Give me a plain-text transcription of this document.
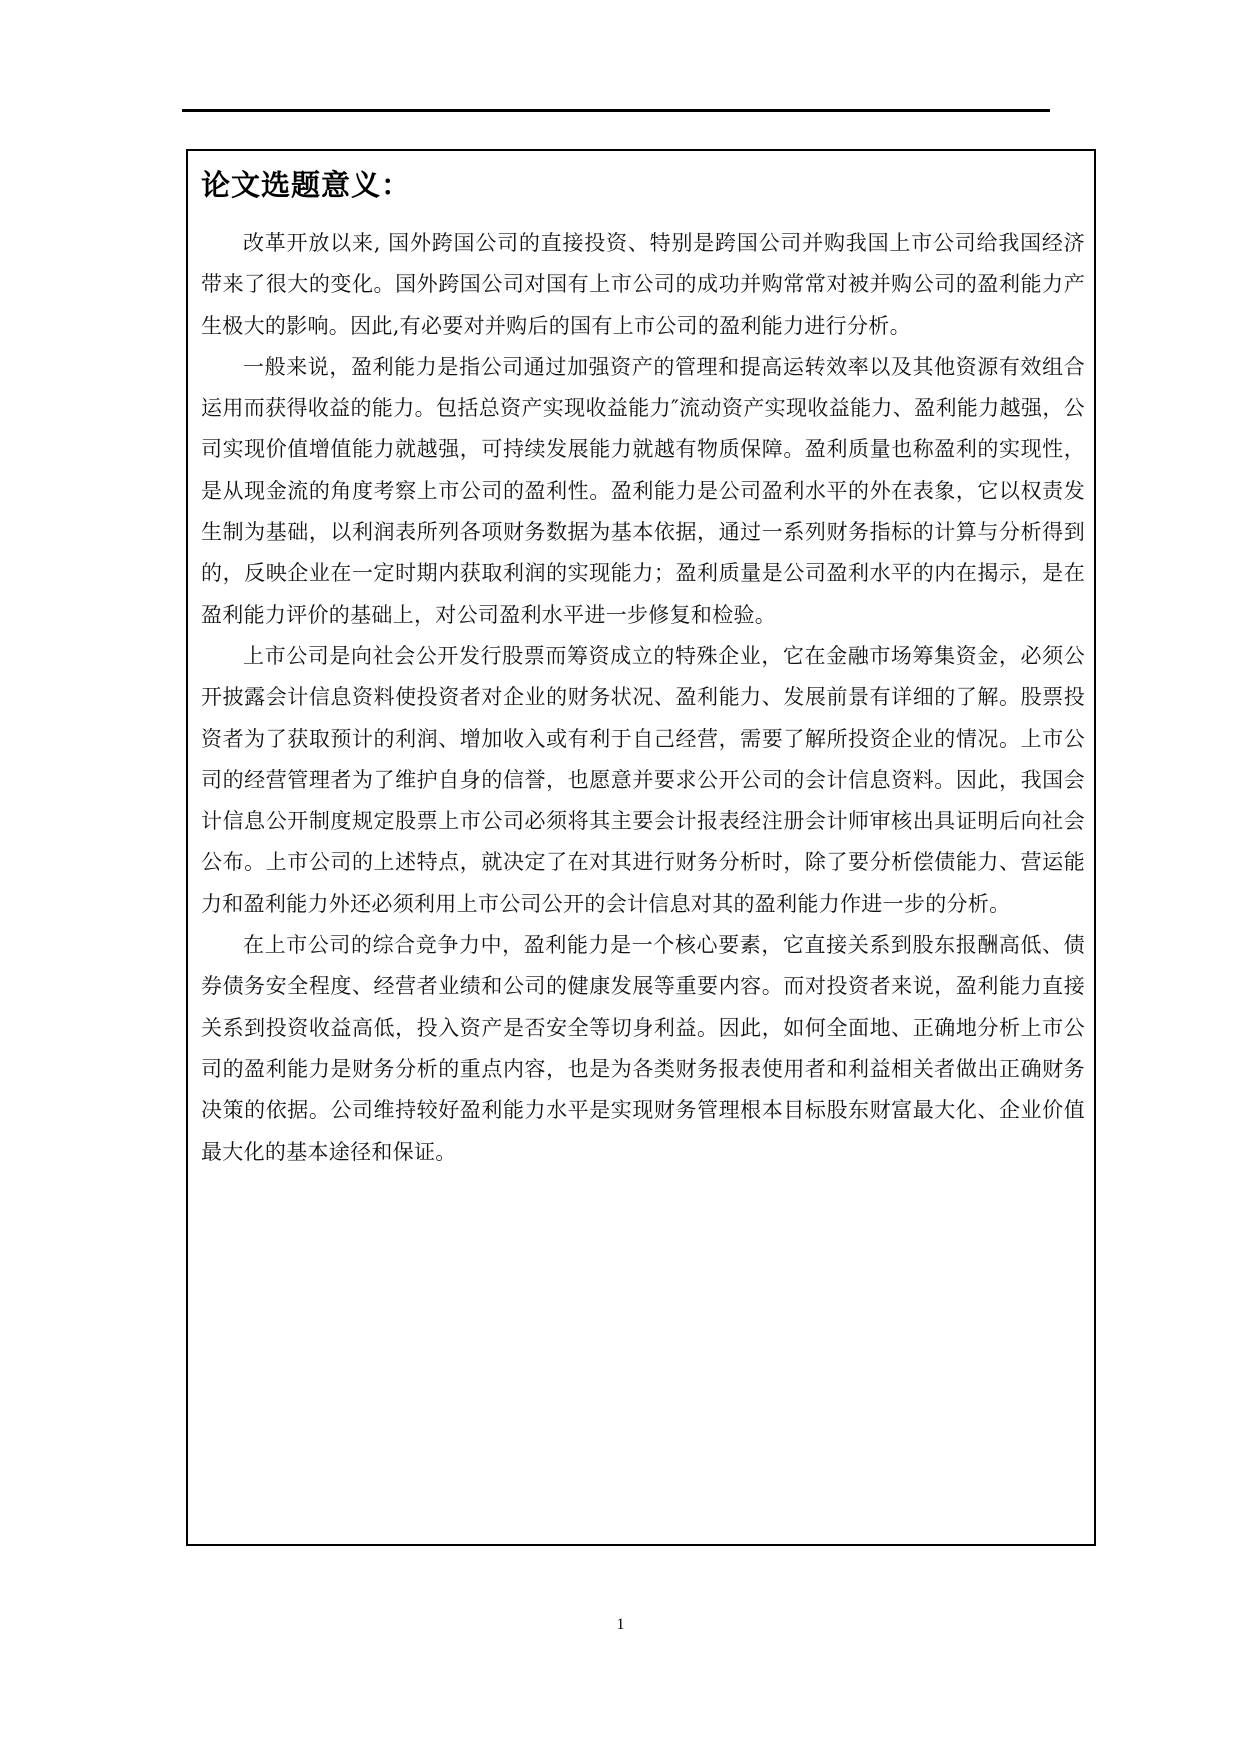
论文选题意义：

改革开放以来, 国外跨国公司的直接投资、特别是跨国公司并购我国上市公司给我国经济带来了很大的变化。国外跨国公司对国有上市公司的成功并购常常对被并购公司的盈利能力产生极大的影响。因此,有必要对并购后的国有上市公司的盈利能力进行分析。

一般来说，盈利能力是指公司通过加强资产的管理和提高运转效率以及其他资源有效组合运用而获得收益的能力。包括总资产实现收益能力″流动资产实现收益能力、盈利能力越强，公司实现价值增值能力就越强，可持续发展能力就越有物质保障。盈利质量也称盈利的实现性，是从现金流的角度考察上市公司的盈利性。盈利能力是公司盈利水平的外在表象，它以权责发生制为基础，以利润表所列各项财务数据为基本依据，通过一系列财务指标的计算与分析得到的，反映企业在一定时期内获取利润的实现能力；盈利质量是公司盈利水平的内在揭示，是在盈利能力评价的基础上，对公司盈利水平进一步修复和检验。

上市公司是向社会公开发行股票而筹资成立的特殊企业，它在金融市场筹集资金，必须公开披露会计信息资料使投资者对企业的财务状况、盈利能力、发展前景有详细的了解。股票投资者为了获取预计的利润、增加收入或有利于自己经营，需要了解所投资企业的情况。上市公司的经营管理者为了维护自身的信誉，也愿意并要求公开公司的会计信息资料。因此，我国会计信息公开制度规定股票上市公司必须将其主要会计报表经注册会计师审核出具证明后向社会公布。上市公司的上述特点，就决定了在对其进行财务分析时，除了要分析偿债能力、营运能力和盈利能力外还必须利用上市公司公开的会计信息对其的盈利能力作进一步的分析。

在上市公司的综合竞争力中，盈利能力是一个核心要素，它直接关系到股东报酬高低、债券债务安全程度、经营者业绩和公司的健康发展等重要内容。而对投资者来说，盈利能力直接关系到投资收益高低，投入资产是否安全等切身利益。因此，如何全面地、正确地分析上市公司的盈利能力是财务分析的重点内容，也是为各类财务报表使用者和利益相关者做出正确财务决策的依据。公司维持较好盈利能力水平是实现财务管理根本目标股东财富最大化、企业价值最大化的基本途径和保证。

1
